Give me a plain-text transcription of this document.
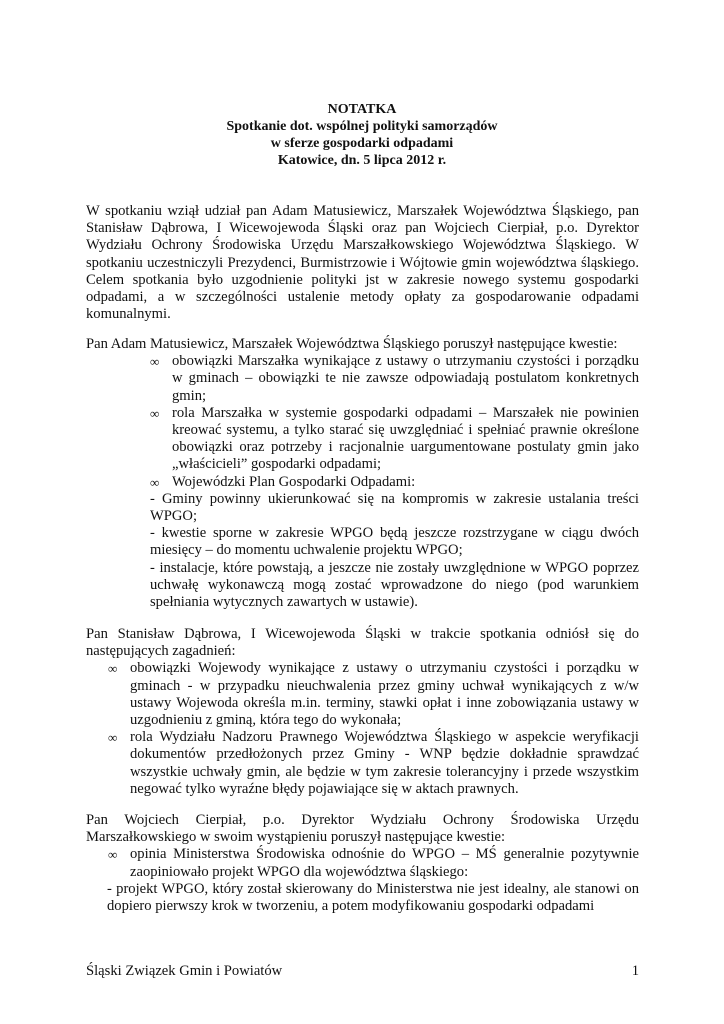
NOTATKA
Spotkanie dot. wspólnej polityki samorządów
w sferze gospodarki odpadami
Katowice, dn. 5 lipca 2012 r.

W spotkaniu wziął udział pan Adam Matusiewicz, Marszałek Województwa Śląskiego, pan Stanisław Dąbrowa, I Wicewojewoda Śląski oraz pan Wojciech Cierpiał, p.o. Dyrektor Wydziału Ochrony Środowiska Urzędu Marszałkowskiego Województwa Śląskiego. W spotkaniu uczestniczyli Prezydenci, Burmistrzowie i Wójtowie gmin województwa śląskiego. Celem spotkania było uzgodnienie polityki jst w zakresie nowego systemu gospodarki odpadami, a w szczególności ustalenie metody opłaty za gospodarowanie odpadami komunalnymi.

Pan Adam Matusiewicz, Marszałek Województwa Śląskiego poruszył następujące kwestie:

∞ obowiązki Marszałka wynikające z ustawy o utrzymaniu czystości i porządku w gminach – obowiązki te nie zawsze odpowiadają postulatom konkretnych gmin;
∞ rola Marszałka w systemie gospodarki odpadami – Marszałek nie powinien kreować systemu, a tylko starać się uwzględniać i spełniać prawnie określone obowiązki oraz potrzeby i racjonalnie uargumentowane postulaty gmin jako „właścicieli” gospodarki odpadami;
∞ Wojewódzki Plan Gospodarki Odpadami:
- Gminy powinny ukierunkować się na kompromis w zakresie ustalania treści WPGO;
- kwestie sporne w zakresie WPGO będą jeszcze rozstrzygane w ciągu dwóch miesięcy – do momentu uchwalenie projektu WPGO;
- instalacje, które powstają, a jeszcze nie zostały uwzględnione w WPGO poprzez uchwałę wykonawczą mogą zostać wprowadzone do niego (pod warunkiem spełniania wytycznych zawartych w ustawie).

Pan Stanisław Dąbrowa, I Wicewojewoda Śląski w trakcie spotkania odniósł się do następujących zagadnień:

∞ obowiązki Wojewody wynikające z ustawy o utrzymaniu czystości i porządku w gminach - w przypadku nieuchwalenia przez gminy uchwał wynikających z w/w ustawy Wojewoda określa m.in. terminy, stawki opłat i inne zobowiązania ustawy w uzgodnieniu z gminą, która tego do wykonała;
∞ rola Wydziału Nadzoru Prawnego Województwa Śląskiego w aspekcie weryfikacji dokumentów przedłożonych przez Gminy - WNP będzie dokładnie sprawdzać wszystkie uchwały gmin, ale będzie w tym zakresie tolerancyjny i przede wszystkim negować tylko wyraźne błędy pojawiające się w aktach prawnych.

Pan Wojciech Cierpiał, p.o. Dyrektor Wydziału Ochrony Środowiska Urzędu Marszałkowskiego w swoim wystąpieniu poruszył następujące kwestie:

∞ opinia Ministerstwa Środowiska odnośnie do WPGO – MŚ generalnie pozytywnie zaopiniowało projekt WPGO dla województwa śląskiego:
- projekt WPGO, który został skierowany do Ministerstwa nie jest idealny, ale stanowi on dopiero pierwszy krok w tworzeniu, a potem modyfikowaniu gospodarki odpadami
Śląski Związek Gmin i Powiatów	1
